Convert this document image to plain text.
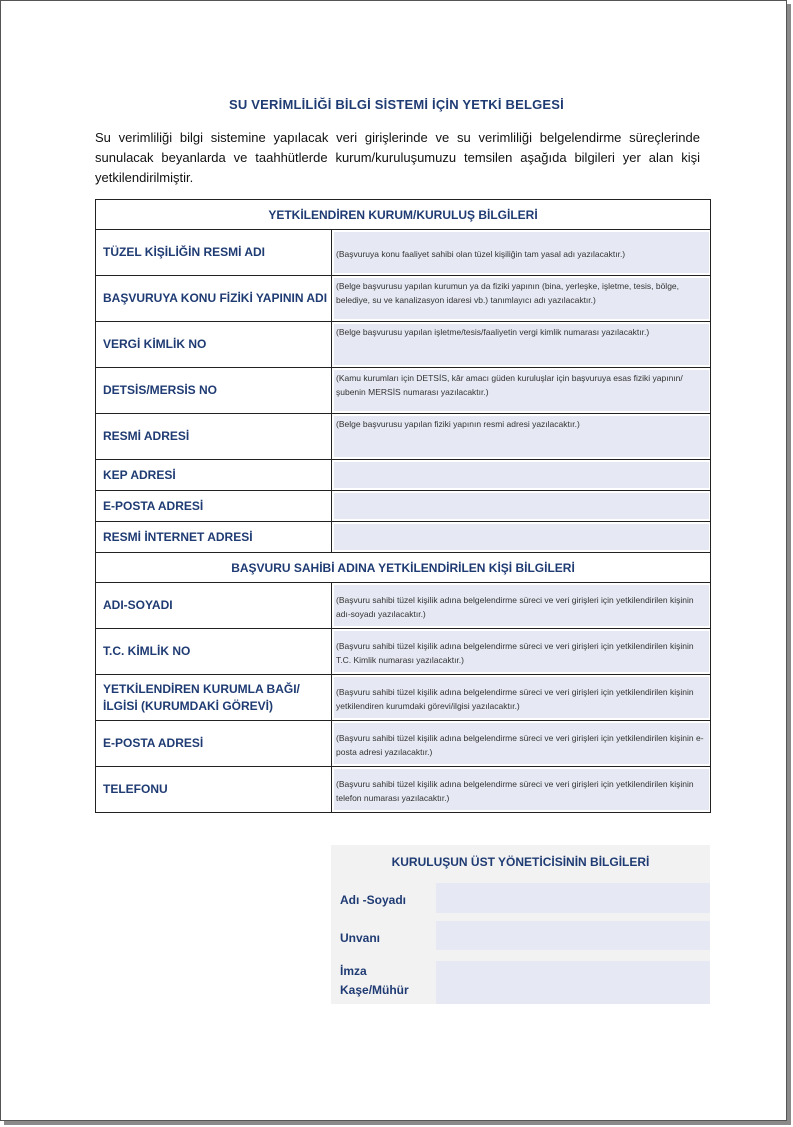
SU VERİMLİLİĞİ BİLGİ SİSTEMİ İÇİN YETKİ BELGESİ
Su verimliliği bilgi sistemine yapılacak veri girişlerinde ve su verimliliği belgelendirme süreçlerinde
sunulacak beyanlarda ve taahhütlerde kurum/kuruluşumuzu temsilen aşağıda bilgileri yer alan kişi
yetkilendirilmiştir.
YETKİLENDİREN KURUM/KURULUŞ BİLGİLERİ	
TÜZEL KİŞİLİĞİN RESMİ ADI	(Başvuruya konu faaliyet sahibi olan tüzel kişiliğin tam yasal adı yazılacaktır.)

BAŞVURUYA KONU FİZİKİ YAPININ ADI	(Belge başvurusu yapılan kurumun ya da fiziki yapının (bina, yerleşke, işletme, tesis, bölge, belediye, su ve kanalizasyon idaresi vb.) tanımlayıcı adı yazılacaktır.)

VERGİ KİMLİK NO	(Belge başvurusu yapılan işletme/tesis/faaliyetin vergi kimlik numarası yazılacaktır.)

DETSİS/MERSİS NO	(Kamu kurumları için DETSİS, kâr amacı güden kuruluşlar için başvuruya esas fiziki yapının/şubenin MERSİS numarası yazılacaktır.)

RESMİ ADRESİ	(Belge başvurusu yapılan fiziki yapının resmi adresi yazılacaktır.)

KEP ADRESİ	

E-POSTA ADRESİ	

RESMİ İNTERNET ADRESİ	

BAŞVURU SAHİBİ ADINA YETKİLENDİRİLEN KİŞİ BİLGİLERİ	
ADI-SOYADI	(Başvuru sahibi tüzel kişilik adına belgelendirme süreci ve veri girişleri için yetkilendirilen kişinin adı-soyadı yazılacaktır.)

T.C. KİMLİK NO	(Başvuru sahibi tüzel kişilik adına belgelendirme süreci ve veri girişleri için yetkilendirilen kişinin T.C. Kimlik numarası yazılacaktır.)

YETKİLENDİREN KURUMLA BAĞI/İLGİSİ (KURUMDAKİ GÖREVİ)	(Başvuru sahibi tüzel kişilik adına belgelendirme süreci ve veri girişleri için yetkilendirilen kişinin yetkilendiren kurumdaki görevi/ilgisi yazılacaktır.)

E-POSTA ADRESİ	(Başvuru sahibi tüzel kişilik adına belgelendirme süreci ve veri girişleri için yetkilendirilen kişinin e-posta adresi yazılacaktır.)

TELEFONU	(Başvuru sahibi tüzel kişilik adına belgelendirme süreci ve veri girişleri için yetkilendirilen kişinin telefon numarası yazılacaktır.)
KURULUŞUN ÜST YÖNETİCİSİNİN BİLGİLERİ
Adı -Soyadı
Unvanı
İmza
Kaşe/Mühür
